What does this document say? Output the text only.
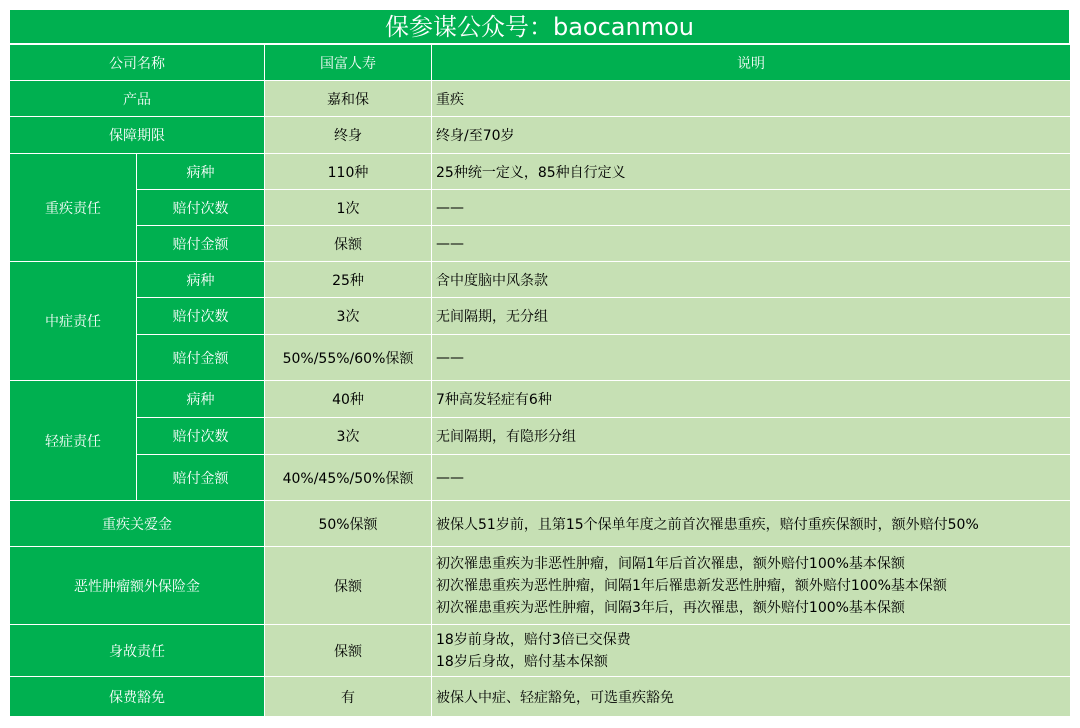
保参谋公众号：baocanmou
公司名称		国富人寿	说明
产品		嘉和保	重疾
保障期限		终身	终身/至70岁
重疾责任	病种	110种	25种统一定义，85种自行定义
	赔付次数	1次	——
	赔付金额	保额	——
中症责任	病种	25种	含中度脑中风条款
	赔付次数	3次	无间隔期，无分组
	赔付金额	50%/55%/60%保额	——
轻症责任	病种	40种	7种高发轻症有6种
	赔付次数	3次	无间隔期，有隐形分组
	赔付金额	40%/45%/50%保额	——
重疾关爱金		50%保额	被保人51岁前，且第15个保单年度之前首次罹患重疾，赔付重疾保额时，额外赔付50%
恶性肿瘤额外保险金		保额	初次罹患重疾为非恶性肿瘤，间隔1年后首次罹患，额外赔付100%基本保额
初次罹患重疾为恶性肿瘤，间隔1年后罹患新发恶性肿瘤，额外赔付100%基本保额
初次罹患重疾为恶性肿瘤，间隔3年后，再次罹患，额外赔付100%基本保额

身故责任		保额	18岁前身故，赔付3倍已交保费
18岁后身故，赔付基本保额

保费豁免		有	被保人中症、轻症豁免，可选重疾豁免
